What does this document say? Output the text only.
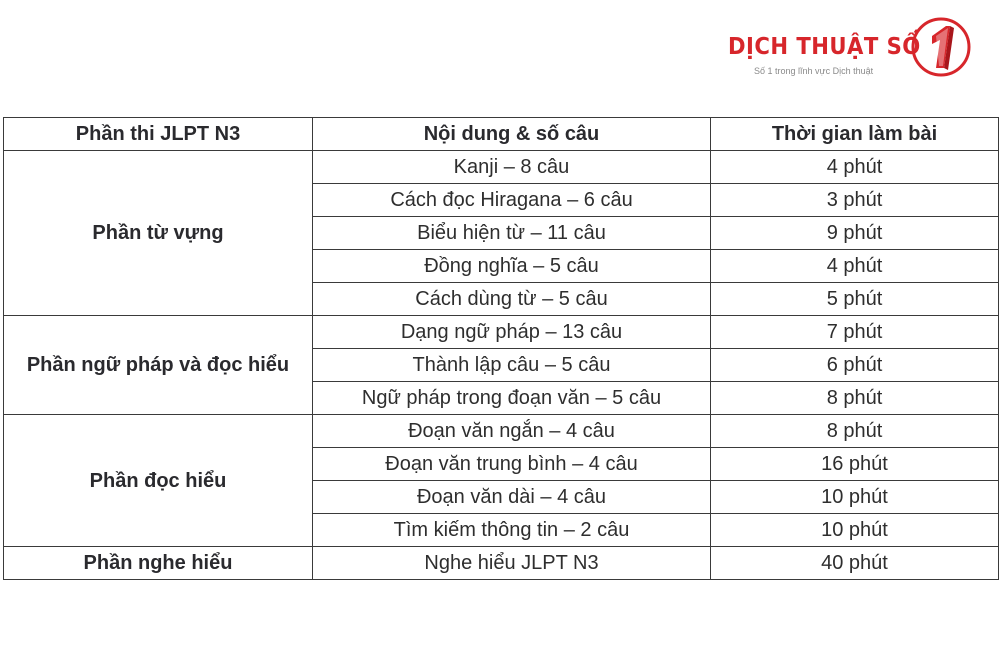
DỊCH THUẬT SỐ
Số 1 trong lĩnh vực Dịch thuật
Phần thi JLPT N3	Nội dung & số câu	Thời gian làm bài
Phần từ vựng	Kanji – 8 câu	4 phút
	Cách đọc Hiragana – 6 câu	3 phút
	Biểu hiện từ – 11 câu	9 phút
	Đồng nghĩa – 5 câu	4 phút
	Cách dùng từ – 5 câu	5 phút
Phần ngữ pháp và đọc hiểu	Dạng ngữ pháp – 13 câu	7 phút
	Thành lập câu – 5 câu	6 phút
	Ngữ pháp trong đoạn văn – 5 câu	8 phút
Phần đọc hiểu	Đoạn văn ngắn – 4 câu	8 phút
	Đoạn văn trung bình – 4 câu	16 phút
	Đoạn văn dài – 4 câu	10 phút
	Tìm kiếm thông tin – 2 câu	10 phút
Phần nghe hiểu	Nghe hiểu JLPT N3	40 phút
